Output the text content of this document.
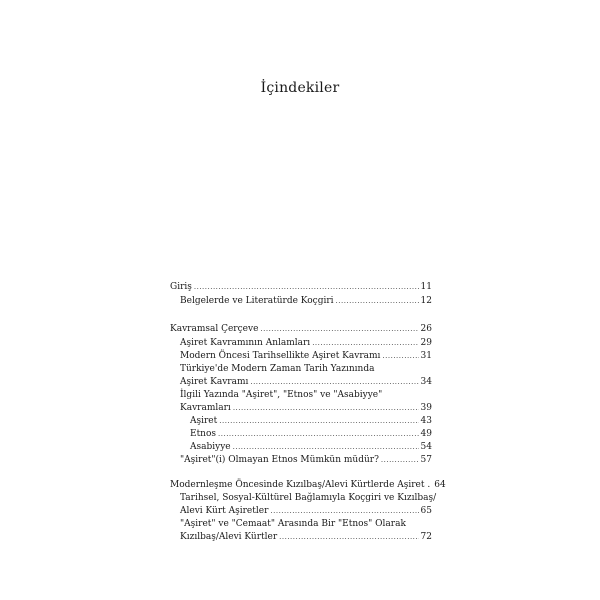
İçindekiler
Giriş .....	11
Belgelerde ve Literatürde Koçgiri .....	12
Kavramsal Çerçeve .....	26
Aşiret Kavramının Anlamları .....	29
Modern Öncesi Tarihsellikte Aşiret Kavramı .....	31
Türkiye'de Modern Zaman Tarih Yazınında
Aşiret Kavramı .....	34
İlgili Yazında "Aşiret", "Etnos" ve "Asabiyye"
Kavramları .....	39
Aşiret .....	43
Etnos .....	49
Asabiyye .....	54
"Aşiret"(i) Olmayan Etnos Mümkün müdür? .....	57
Modernleşme Öncesinde Kızılbaş/Alevi Kürtlerde Aşiret . 64
Tarihsel, Sosyal-Kültürel Bağlamıyla Koçgiri ve Kızılbaş/
Alevi Kürt Aşiretler .....	65
"Aşiret" ve "Cemaat" Arasında Bir "Etnos" Olarak
Kızılbaş/Alevi Kürtler .....	72
